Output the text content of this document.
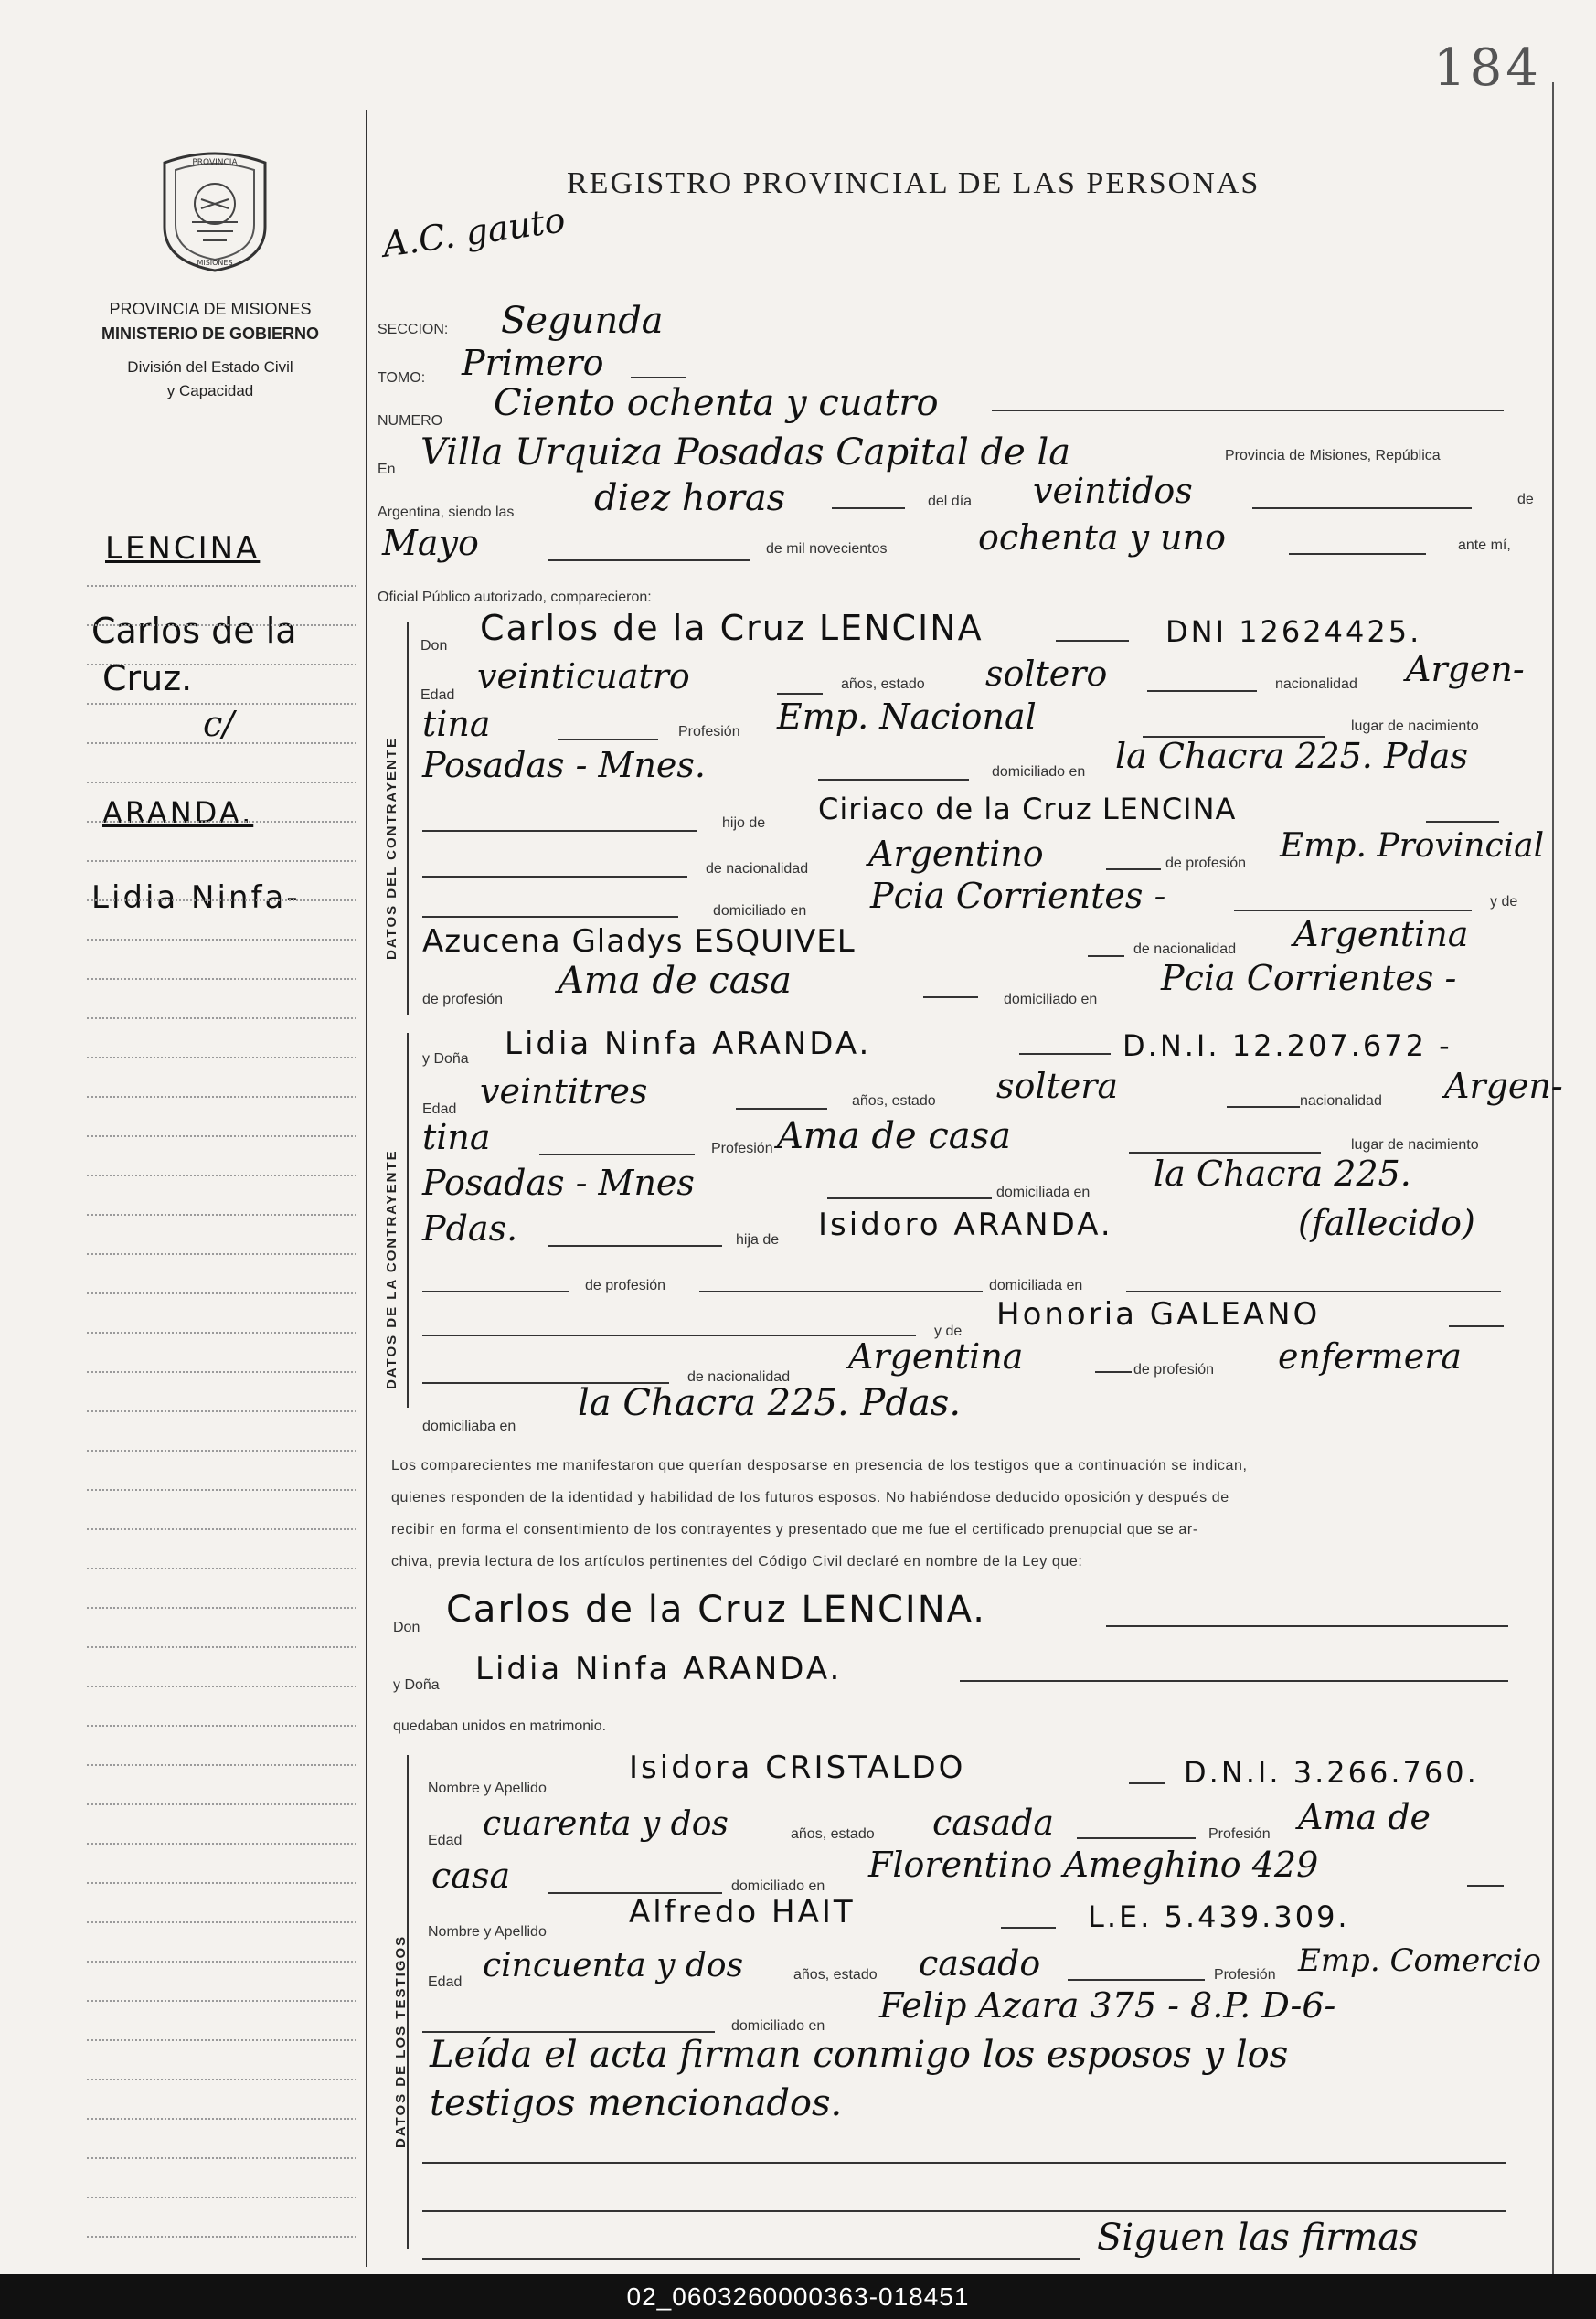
184
PROVINCIA
MISIONES
PROVINCIA DE MISIONES
MINISTERIO DE GOBIERNO
División del Estado Civil
y Capacidad
REGISTRO PROVINCIAL DE LAS PERSONAS
A.C. gauto
DATOS DEL CONTRAYENTE
DATOS DE LA CONTRAYENTE
DATOS DE LOS TESTIGOS
LENCINA
Carlos de la
Cruz.
c/
ARANDA.
Lidia Ninfa-
SECCION: Segunda
TOMO: Primero
NUMERO Ciento ochenta y cuatro
En Villa Urquiza Posadas Capital de la	Provincia de Misiones, República
Argentina, siendo las diez horas	del día veintidos	de
Mayo	de mil novecientos	ochenta y uno	ante mí,
Oficial Público autorizado, comparecieron:
Don Carlos de la Cruz LENCINA	DNI 12624425.
Edad veinticuatro	años, estado soltero	nacionalidad Argen-
tina	Profesión Emp. Nacional	lugar de nacimiento
Posadas - Mnes.	domiciliado en la Chacra 225. Pdas
hijo de Ciriaco de la Cruz LENCINA
de nacionalidad Argentino	de profesión Emp. Provincial
domiciliado en Pcia Corrientes -	y de
Azucena Gladys ESQUIVEL	de nacionalidad Argentina
de profesión Ama de casa	domiciliado en
Pcia Corrientes -
y Doña Lidia Ninfa ARANDA.	D.N.I. 12.207.672 -
Edad veintitres	años, estado soltera	nacionalidad Argen-
tina	Profesión Ama de casa	lugar de nacimiento
Posadas - Mnes	domiciliada en la Chacra 225.
Pdas.	hija de Isidoro ARANDA.	(fallecido)
de profesión	domiciliada en
y de Honoria GALEANO
de nacionalidad
Argentina	de profesión enfermera
domiciliaba en
la Chacra 225. Pdas.
Los comparecientes me manifestaron que querían desposarse en presencia de los testigos que a continuación se indican,
quienes responden de la identidad y habilidad de los futuros esposos. No habiéndose deducido oposición y después de
recibir en forma el consentimiento de los contrayentes y presentado que me fue el certificado prenupcial que se ar-
chiva, previa lectura de los artículos pertinentes del Código Civil declaré en nombre de la Ley que:
Don Carlos de la Cruz LENCINA.
y Doña Lidia Ninfa ARANDA.
quedaban unidos en matrimonio.
Nombre y Apellido
Isidora CRISTALDO	D.N.I. 3.266.760.
Edad cuarenta y dos	años, estado casada	Profesión Ama de
casa	domiciliado en
Florentino Ameghino 429
Nombre y Apellido
Alfredo HAIT	L.E. 5.439.309.
Edad cincuenta y dos	años, estado casado	Profesión Emp. Comercio
domiciliado en
Felip Azara 375 - 8.P. D-6-
Leída el acta firman conmigo los esposos y los
testigos mencionados.
Siguen las firmas
02_0603260000363-018451
